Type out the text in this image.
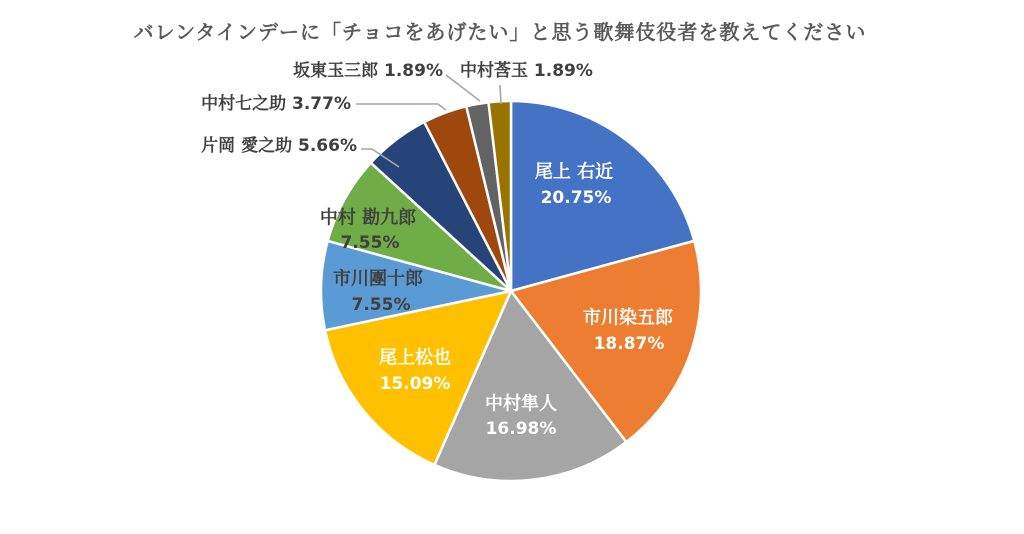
バレンタインデーに「チョコをあげたい」と思う歌舞伎役者を教えてください
尾上 右近
20.75%
市川染五郎
18.87%
中村隼人
16.98%
尾上松也
15.09%
市川團十郎
7.55%
中村 勘九郎
7.55%
片岡 愛之助 5.66%
中村七之助 3.77%
坂東玉三郎 1.89% 中村莟玉 1.89%
